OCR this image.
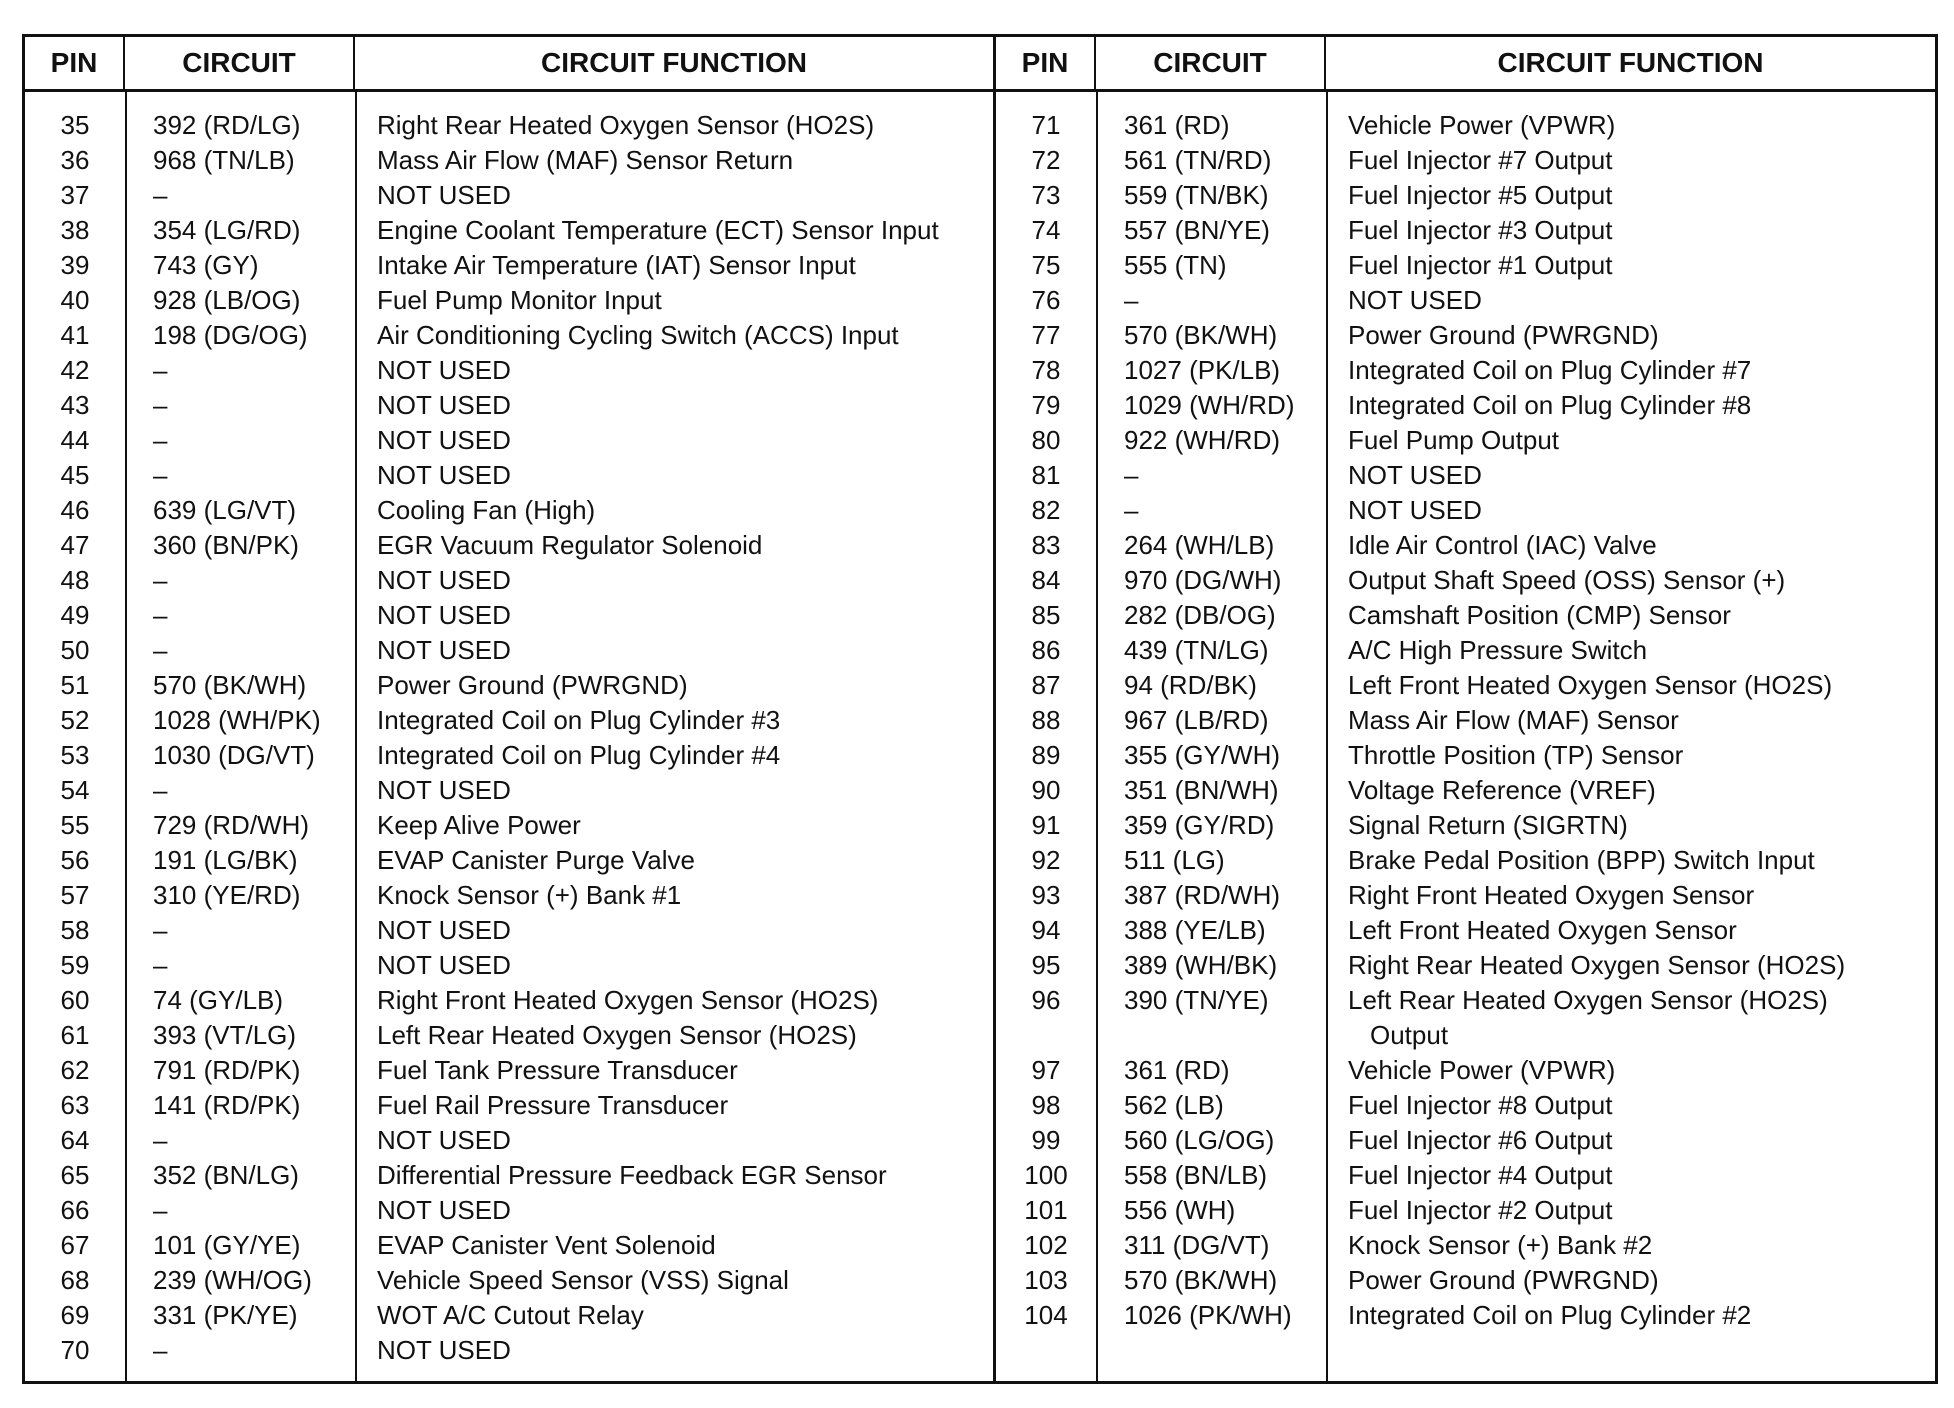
PIN	CIRCUIT	CIRCUIT FUNCTION
35	392 (RD/LG)	Right Rear Heated Oxygen Sensor (HO2S)
36	968 (TN/LB)	Mass Air Flow (MAF) Sensor Return
37	–	NOT USED
38	354 (LG/RD)	Engine Coolant Temperature (ECT) Sensor Input
39	743 (GY)	Intake Air Temperature (IAT) Sensor Input
40	928 (LB/OG)	Fuel Pump Monitor Input
41	198 (DG/OG)	Air Conditioning Cycling Switch (ACCS) Input
42	–	NOT USED
43	–	NOT USED
44	–	NOT USED
45	–	NOT USED
46	639 (LG/VT)	Cooling Fan (High)
47	360 (BN/PK)	EGR Vacuum Regulator Solenoid
48	–	NOT USED
49	–	NOT USED
50	–	NOT USED
51	570 (BK/WH)	Power Ground (PWRGND)
52	1028 (WH/PK)	Integrated Coil on Plug Cylinder #3
53	1030 (DG/VT)	Integrated Coil on Plug Cylinder #4
54	–	NOT USED
55	729 (RD/WH)	Keep Alive Power
56	191 (LG/BK)	EVAP Canister Purge Valve
57	310 (YE/RD)	Knock Sensor (+) Bank #1
58	–	NOT USED
59	–	NOT USED
60	74 (GY/LB)	Right Front Heated Oxygen Sensor (HO2S)
61	393 (VT/LG)	Left Rear Heated Oxygen Sensor (HO2S)
62	791 (RD/PK)	Fuel Tank Pressure Transducer
63	141 (RD/PK)	Fuel Rail Pressure Transducer
64	–	NOT USED
65	352 (BN/LG)	Differential Pressure Feedback EGR Sensor
66	–	NOT USED
67	101 (GY/YE)	EVAP Canister Vent Solenoid
68	239 (WH/OG)	Vehicle Speed Sensor (VSS) Signal
69	331 (PK/YE)	WOT A/C Cutout Relay
70	–	NOT USED
PIN	CIRCUIT	CIRCUIT FUNCTION
71	361 (RD)	Vehicle Power (VPWR)
72	561 (TN/RD)	Fuel Injector #7 Output
73	559 (TN/BK)	Fuel Injector #5 Output
74	557 (BN/YE)	Fuel Injector #3 Output
75	555 (TN)	Fuel Injector #1 Output
76	–	NOT USED
77	570 (BK/WH)	Power Ground (PWRGND)
78	1027 (PK/LB)	Integrated Coil on Plug Cylinder #7
79	1029 (WH/RD)	Integrated Coil on Plug Cylinder #8
80	922 (WH/RD)	Fuel Pump Output
81	–	NOT USED
82	–	NOT USED
83	264 (WH/LB)	Idle Air Control (IAC) Valve
84	970 (DG/WH)	Output Shaft Speed (OSS) Sensor (+)
85	282 (DB/OG)	Camshaft Position (CMP) Sensor
86	439 (TN/LG)	A/C High Pressure Switch
87	94 (RD/BK)	Left Front Heated Oxygen Sensor (HO2S)
88	967 (LB/RD)	Mass Air Flow (MAF) Sensor
89	355 (GY/WH)	Throttle Position (TP) Sensor
90	351 (BN/WH)	Voltage Reference (VREF)
91	359 (GY/RD)	Signal Return (SIGRTN)
92	511 (LG)	Brake Pedal Position (BPP) Switch Input
93	387 (RD/WH)	Right Front Heated Oxygen Sensor
94	388 (YE/LB)	Left Front Heated Oxygen Sensor
95	389 (WH/BK)	Right Rear Heated Oxygen Sensor (HO2S)
96	390 (TN/YE)	Left Rear Heated Oxygen Sensor (HO2S)
Output
97	361 (RD)	Vehicle Power (VPWR)
98	562 (LB)	Fuel Injector #8 Output
99	560 (LG/OG)	Fuel Injector #6 Output
100	558 (BN/LB)	Fuel Injector #4 Output
101	556 (WH)	Fuel Injector #2 Output
102	311 (DG/VT)	Knock Sensor (+) Bank #2
103	570 (BK/WH)	Power Ground (PWRGND)
104	1026 (PK/WH)	Integrated Coil on Plug Cylinder #2
